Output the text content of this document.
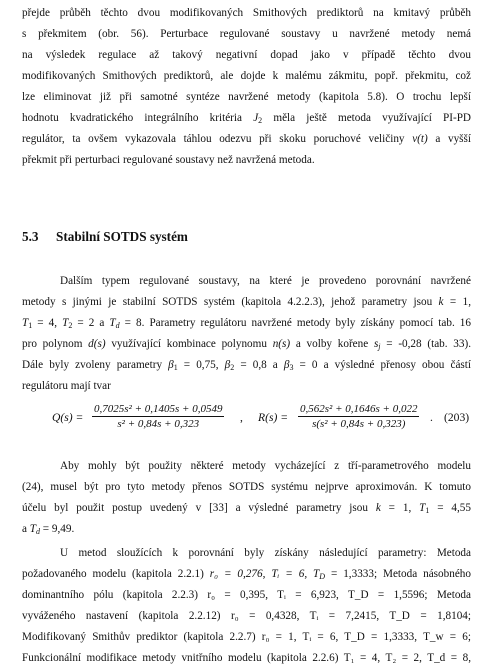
přejde průběh těchto dvou modifikovaných Smithových prediktorů na kmitavý průběh
s překmitem (obr. 56). Perturbace regulované soustavy u navržené metody nemá
na výsledek regulace až takový negativní dopad jako v případě těchto dvou
modifikovaných Smithových prediktorů, ale dojde k malému zákmitu, popř. překmitu, což
lze eliminovat již při samotné syntéze navržené metody (kapitola 5.8). O trochu lepší
hodnotu kvadratického integrálního kritéria $J_2$ měla ještě metoda využívající PI-PD
regulátor, ta ovšem vykazovala táhlou odezvu při skoku poruchové veličiny v(t) a vyšší
překmit při perturbaci regulované soustavy než navržená metoda.
5.3 Stabilní SOTDS systém
Dalším typem regulované soustavy, na které je provedeno porovnání navržené
metody s jinými je stabilní SOTDS systém (kapitola 4.2.2.3), jehož parametry jsou k = 1,
$T_1 = 4$, $T_2 = 2$ a $T_d = 8$. Parametry regulátoru navržené metody byly získány pomocí tab. 16
pro polynom d(s) využívající kombinace polynomu n(s) a volby kořene $s_j = -0,28$ (tab. 33).
Dále byly zvoleny parametry $\beta_1 = 0,75$, $\beta_2 = 0,8$ a $\beta_3 = 0$ a výsledné přenosy obou částí
regulátoru mají tvar
$Q(s) = \frac{\text{0,7025s² + 0,1405s + 0,0549}}{\text{s² + 0,84s + 0,323}}$ , $R(s) = \frac{\text{0,562s² + 0,1646s + 0,022}}{\text{s(s² + 0,84s + 0,323)}}$ . (203)
Aby mohly být použity některé metody vycházející z tří-parametrového modelu
(24), musel být pro tyto metody přenos SOTDS systému nejprve aproximován. K tomuto
účelu byl použit postup uvedený v [33] a výsledné parametry jsou k = 1, $T_1 = 4,55$
a $T_d = 9,49$.
U metod sloužících k porovnání byly získány následující parametry: Metoda
požadovaného modelu (kapitola 2.2.1) r₀ = 0,276, Tᵢ = 6, $T_D = 1,3333$; Metoda násobného
dominantního pólu (kapitola 2.2.3) r₀ = 0,395, Tᵢ = 6,923, T_D = 1,5596; Metoda
vyváženého nastavení (kapitola 2.2.12) r₀ = 0,4328, Tᵢ = 7,2415, T_D = 1,8104;
Modifikovaný Smithův prediktor (kapitola 2.2.7) r₀ = 1, Tᵢ = 6, T_D = 1,3333, T_w = 6;
Funkcionální modifikace metody vnitřního modelu (kapitola 2.2.6) T₁ = 4, T₂ = 2, T_d = 8,
